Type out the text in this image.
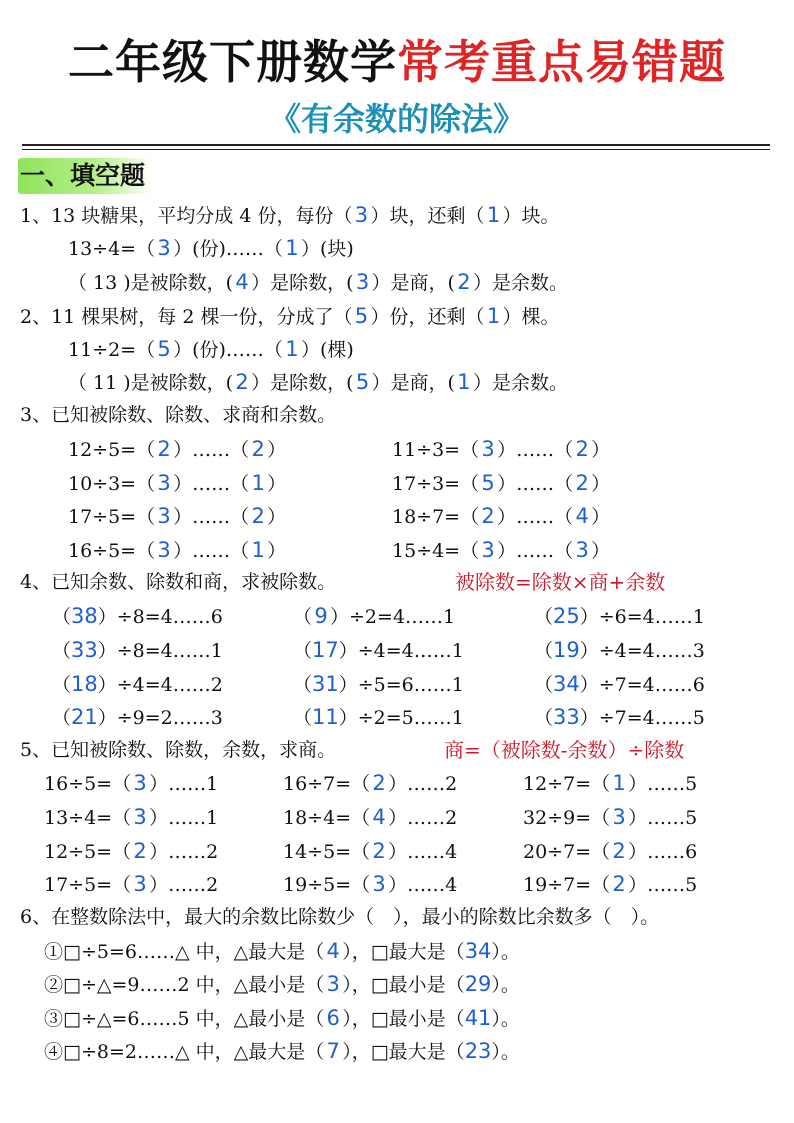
二年级下册数学常考重点易错题
《有余数的除法》
一、填空题
1、13 块糖果，平均分成 4 份，每份（ 3 ）块，还剩（ 1 ）块。
13÷4=（ 3 ）(份)……（ 1 ）(块)
（ 13 )是被除数，( 4 ）是除数，( 3 ）是商，( 2 ）是余数。
2、11 棵果树，每 2 棵一份，分成了（ 5 ）份，还剩（ 1 ）棵。
11÷2=（ 5 ）(份)……（ 1 ）(棵)
（ 11 )是被除数，( 2 ）是除数，( 5 ）是商，( 1 ）是余数。
3、已知被除数、除数、求商和余数。
12÷5=（ 2 ）……（ 2 ）	11÷3=（ 3 ）……（ 2 ）
10÷3=（ 3 ）……（ 1 ）	17÷3=（ 5 ）……（ 2 ）
17÷5=（ 3 ）……（ 2 ）	18÷7=（ 2 ）……（ 4 ）
16÷5=（ 3 ）……（ 1 ）	15÷4=（ 3 ）……（ 3 ）
4、已知余数、除数和商，求被除数。	被除数=除数×商+余数
（38）÷8=4……6	（ 9 ）÷2=4……1	（25）÷6=4……1
（33）÷8=4……1	（17）÷4=4……1	（19）÷4=4……3
（18）÷4=4……2	（31）÷5=6……1	（34）÷7=4……6
（21）÷9=2……3	（11）÷2=5……1	（33）÷7=4……5
5、已知被除数、除数，余数，求商。	商=（被除数-余数）÷除数
16÷5=（ 3 ）……1	16÷7=（ 2 ）……2	12÷7=（ 1 ）……5
13÷4=（ 3 ）……1	18÷4=（ 4 ）……2	32÷9=（ 3 ）……5
12÷5=（ 2 ）……2	14÷5=（ 2 ）……4	20÷7=（ 2 ）……6
17÷5=（ 3 ）……2	19÷5=（ 3 ）……4	19÷7=（ 2 ）……5
6、在整数除法中，最大的余数比除数少（　），最小的除数比余数多（　）。
①□÷5=6……△ 中，△最大是（ 4 ），□最大是（34）。
②□÷△=9……2 中，△最小是（ 3 ），□最小是（29）。
③□÷△=6……5 中，△最小是（ 6 ），□最小是（41）。
④□÷8=2……△ 中，△最大是（ 7 ），□最大是（23）。
